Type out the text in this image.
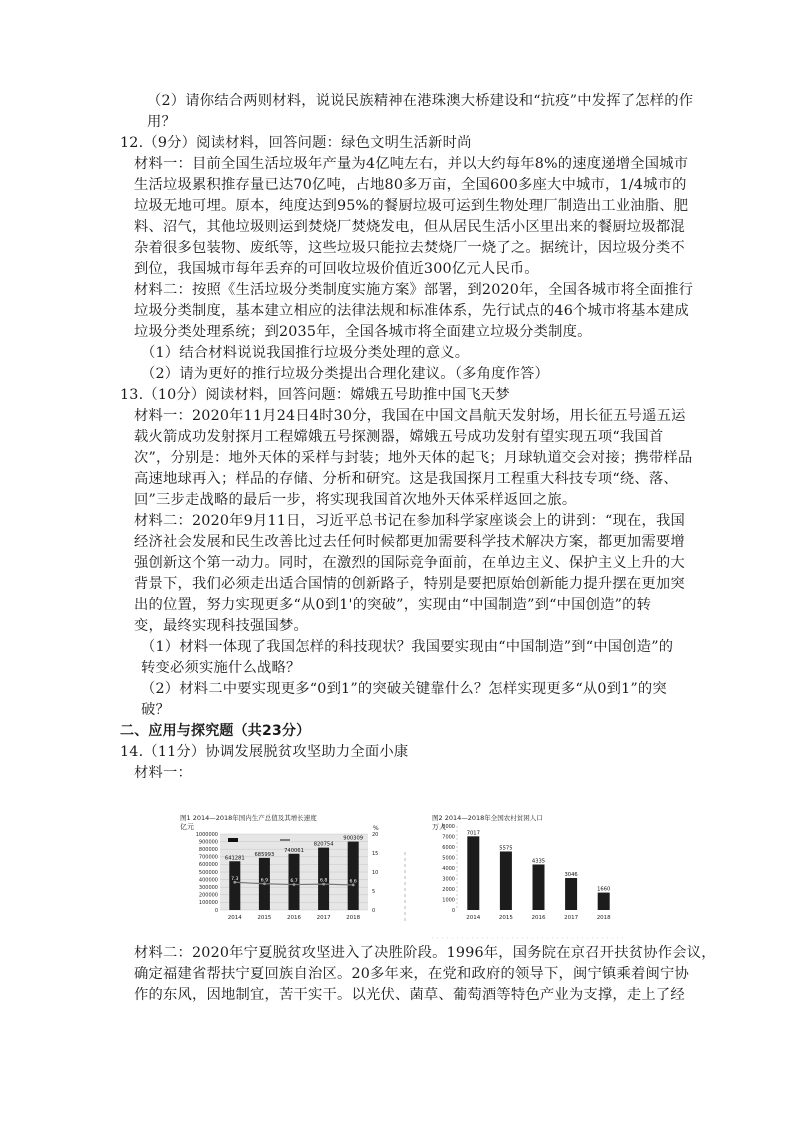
（2）请你结合两则材料，说说民族精神在港珠澳大桥建设和“抗疫”中发挥了怎样的作
用？
12.（9分）阅读材料，回答问题：绿色文明生活新时尚
材料一：目前全国生活垃圾年产量为4亿吨左右，并以大约每年8%的速度递增全国城市
生活垃圾累积推存量已达70亿吨，占地80多万亩，全国600多座大中城市，1/4城市的
垃圾无地可埋。原本，纯度达到95%的餐厨垃圾可运到生物处理厂制造出工业油脂、肥
料、沼气，其他垃圾则运到焚烧厂焚烧发电，但从居民生活小区里出来的餐厨垃圾都混
杂着很多包装物、废纸等，这些垃圾只能拉去焚烧厂一烧了之。据统计，因垃圾分类不
到位，我国城市每年丢弃的可回收垃圾价值近300亿元人民币。
材料二：按照《生活垃圾分类制度实施方案》部署，到2020年，全国各城市将全面推行
垃圾分类制度，基本建立相应的法律法规和标准体系，先行试点的46个城市将基本建成
垃圾分类处理系统；到2035年，全国各城市将全面建立垃圾分类制度。
（1）结合材料说说我国推行垃圾分类处理的意义。
（2）请为更好的推行垃圾分类提出合理化建议。（多角度作答）
13.（10分）阅读材料，回答问题：嫦娥五号助推中国飞天梦
材料一：2020年11月24日4时30分，我国在中国文昌航天发射场，用长征五号遥五运
载火箭成功发射探月工程嫦娥五号探测器，嫦娥五号成功发射有望实现五项“我国首
次”，分别是：地外天体的采样与封装；地外天体的起飞；月球轨道交会对接；携带样品
高速地球再入；样品的存储、分析和研究。这是我国探月工程重大科技专项“绕、落、
回”三步走战略的最后一步，将实现我国首次地外天体采样返回之旅。
材料二：2020年9月11日，习近平总书记在参加科学家座谈会上的讲到：“现在，我国
经济社会发展和民生改善比过去任何时候都更加需要科学技术解决方案，都更加需要增
强创新这个第一动力。同时，在激烈的国际竞争面前，在单边主义、保护主义上升的大
背景下，我们必须走出适合国情的创新路子，特别是要把原始创新能力提升摆在更加突
出的位置，努力实现更多“从0到1'的突破”，实现由“中国制造”到“中国创造”的转
变，最终实现科技强国梦。
（1）材料一体现了我国怎样的科技现状？我国要实现由“中国制造”到“中国创造”的
转变必须实施什么战略？
（2）材料二中要实现更多“0到1”的突破关键靠什么？怎样实现更多“从0到1”的突
破？
二、应用与探究题（共23分）
14.（11分）协调发展脱贫攻坚助力全面小康
材料一：
材料二：2020年宁夏脱贫攻坚进入了决胜阶段。1996年，国务院在京召开扶贫协作会议，
确定福建省帮扶宁夏回族自治区。20多年来，在党和政府的领导下，闽宁镇乘着闽宁协
作的东风，因地制宜，苦干实干。以光伏、菌草、葡萄酒等特色产业为支撑，走上了经
图1 2014—2018年国内生产总值及其增长速度
亿元	%
0
100000
200000
300000
400000
500000
600000
700000
800000
900000
1000000
0
5
10
15
20
641281
2014
685993
2015
740061
2016
820754
2017
900309
2018
7.3	6.9	6.7	6.8	6.6
图2 2014—2018年全国农村贫困人口
万人
0
1000
2000
3000
4000
5000
6000
7000
8000
7017
2014
5575
2015
4335
2016
3046
2017
1660
2018
